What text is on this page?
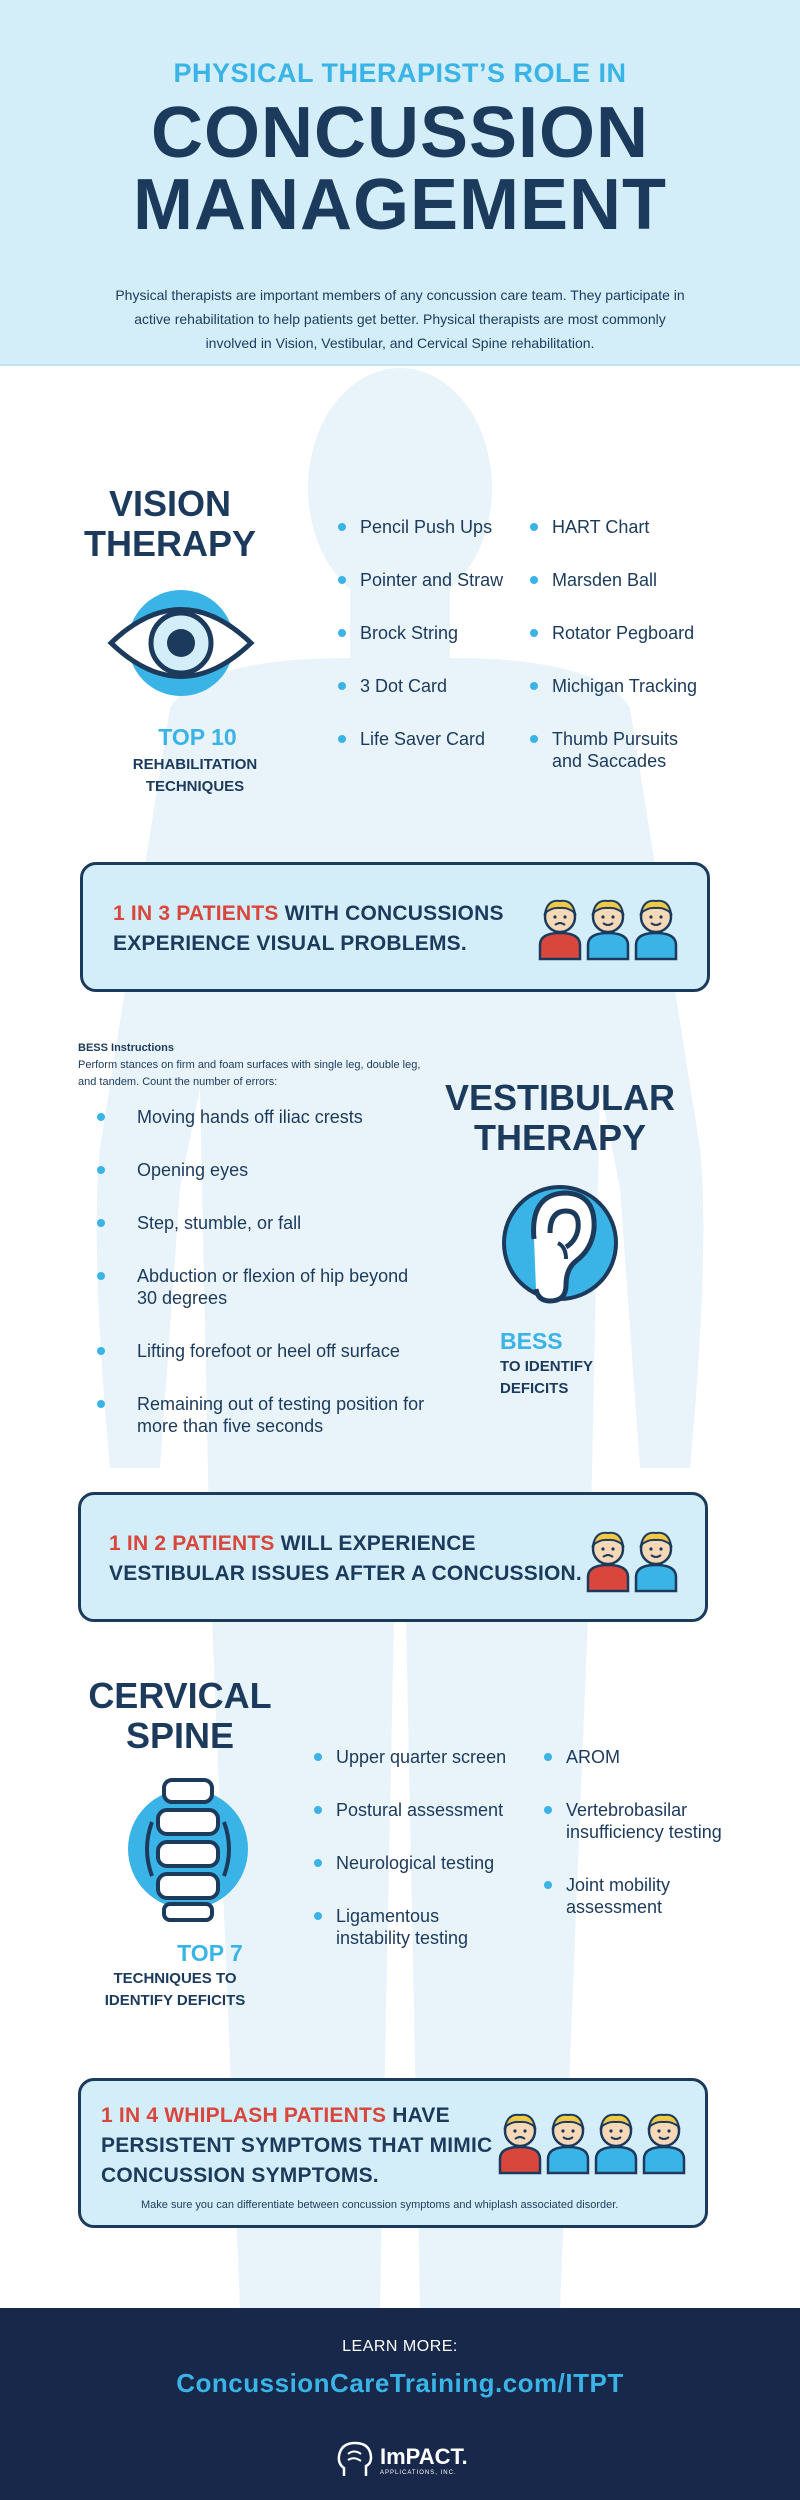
PHYSICAL THERAPIST’S ROLE IN
CONCUSSION
MANAGEMENT
Physical therapists are important members of any concussion care team. They participate in active rehabilitation to help patients get better. Physical therapists are most commonly involved in Vision, Vestibular, and Cervical Spine rehabilitation.
VISION
THERAPY
TOP 10
REHABILITATION
TECHNIQUES
Pencil Push Ups
Pointer and Straw
Brock String
3 Dot Card
Life Saver Card
HART Chart
Marsden Ball
Rotator Pegboard
Michigan Tracking
Thumb Pursuits and Saccades
1 IN 3 PATIENTS WITH CONCUSSIONS
EXPERIENCE VISUAL PROBLEMS.
BESS Instructions
Perform stances on firm and foam surfaces with single leg, double leg, and tandem. Count the number of errors:
Moving hands off iliac crests
Opening eyes
Step, stumble, or fall
Abduction or flexion of hip beyond 30 degrees
Lifting forefoot or heel off surface
Remaining out of testing position for more than five seconds
VESTIBULAR
THERAPY
BESS
TO IDENTIFY
DEFICITS
1 IN 2 PATIENTS WILL EXPERIENCE
VESTIBULAR ISSUES AFTER A CONCUSSION.
CERVICAL
SPINE
TOP 7
TECHNIQUES TO
IDENTIFY DEFICITS
Upper quarter screen
Postural assessment
Neurological testing
Ligamentous instability testing
AROM
Vertebrobasilar insufficiency testing
Joint mobility assessment
1 IN 4 WHIPLASH PATIENTS HAVE
PERSISTENT SYMPTOMS THAT MIMIC
CONCUSSION SYMPTOMS.
Make sure you can differentiate between concussion symptoms and whiplash associated disorder.
LEARN MORE:
ConcussionCareTraining.com/ITPT
ImPACT.
APPLICATIONS, INC.
